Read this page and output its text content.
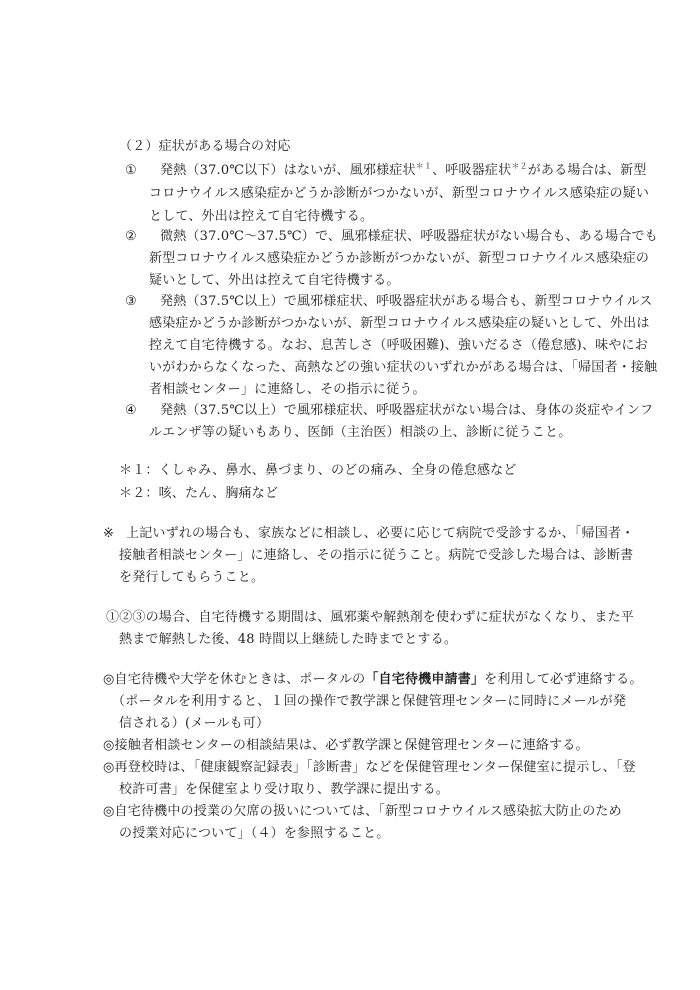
（２）症状がある場合の対応
① 発熱（37.0℃以下）はないが、風邪様症状$^{*1}$、呼吸器症状$^{*2}$がある場合は、新型
コロナウイルス感染症かどうか診断がつかないが、新型コロナウイルス感染症の疑い
として、外出は控えて自宅待機する。
② 微熱（37.0℃～37.5℃）で、風邪様症状、呼吸器症状がない場合も、ある場合でも
新型コロナウイルス感染症かどうか診断がつかないが、新型コロナウイルス感染症の
疑いとして、外出は控えて自宅待機する。
③ 発熱（37.5℃以上）で風邪様症状、呼吸器症状がある場合も、新型コロナウイルス
感染症かどうか診断がつかないが、新型コロナウイルス感染症の疑いとして、外出は
控えて自宅待機する。なお、息苦しさ（呼吸困難)、強いだるさ（倦怠感)、味やにお
いがわからなくなった、高熱などの強い症状のいずれかがある場合は、「帰国者・接触
者相談センター」に連絡し、その指示に従う。
④ 発熱（37.5℃以上）で風邪様症状、呼吸器症状がない場合は、身体の炎症やインフ
ルエンザ等の疑いもあり、医師（主治医）相談の上、診断に従うこと。
＊１：くしゃみ、鼻水、鼻づまり、のどの痛み、全身の倦怠感など
＊２：咳、たん、胸痛など
※ 上記いずれの場合も、家族などに相談し、必要に応じて病院で受診するか、「帰国者・
接触者相談センター」に連絡し、その指示に従うこと。病院で受診した場合は、診断書
を発行してもらうこと。
①②③の場合、自宅待機する期間は、風邪薬や解熱剤を使わずに症状がなくなり、また平
熱まで解熱した後、48 時間以上継続した時までとする。
◎自宅待機や大学を休むときは、ポータルの「自宅待機申請書」を利用して必ず連絡する。
（ポータルを利用すると、１回の操作で教学課と保健管理センターに同時にメールが発
信される）(メールも可）
◎接触者相談センターの相談結果は、必ず教学課と保健管理センターに連絡する。
◎再登校時は、「健康観察記録表」「診断書」などを保健管理センター保健室に提示し、「登
校許可書」を保健室より受け取り、教学課に提出する。
◎自宅待機中の授業の欠席の扱いについては、「新型コロナウイルス感染拡大防止のため
の授業対応について」（４）を参照すること。
